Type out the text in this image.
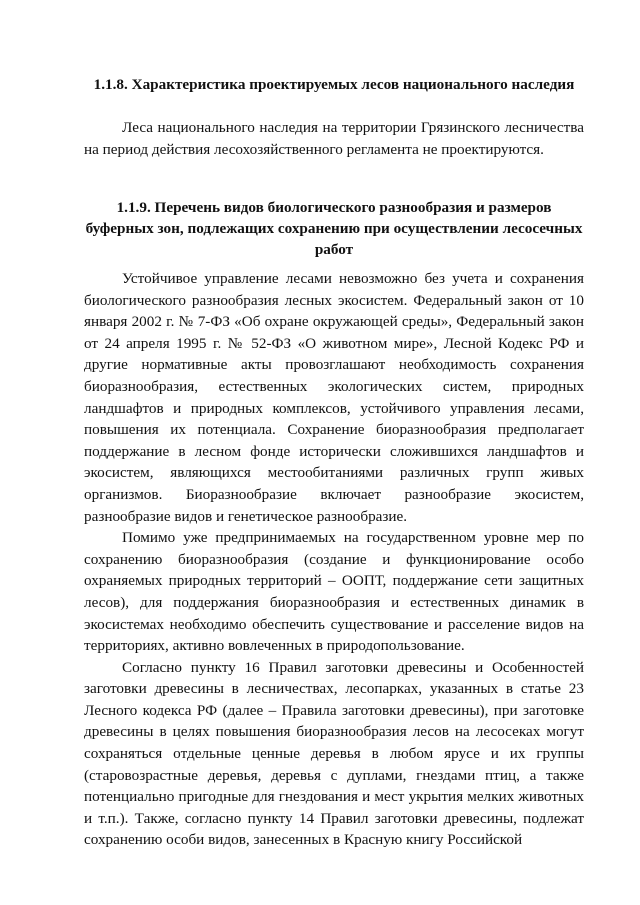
1.1.8. Характеристика проектируемых лесов национального наследия

Леса национального наследия на территории Грязинского лесничества на период действия лесохозяйственного регламента не проектируются.

1.1.9. Перечень видов биологического разнообразия и размеров буферных зон, подлежащих сохранению при осуществлении лесосечных работ

Устойчивое управление лесами невозможно без учета и сохранения биологического разнообразия лесных экосистем. Федеральный закон от 10 января 2002 г. № 7-ФЗ «Об охране окружающей среды», Федеральный закон от 24 апреля 1995 г. № 52-ФЗ «О животном мире», Лесной Кодекс РФ и другие нормативные акты провозглашают необходимость сохранения биоразнообразия, естественных экологических систем, природных ландшафтов и природных комплексов, устойчивого управления лесами, повышения их потенциала. Сохранение биоразнообразия предполагает поддержание в лесном фонде исторически сложившихся ландшафтов и экосистем, являющихся местообитаниями различных групп живых организмов. Биоразнообразие включает разнообразие экосистем, разнообразие видов и генетическое разнообразие.

Помимо уже предпринимаемых на государственном уровне мер по сохранению биоразнообразия (создание и функционирование особо охраняемых природных территорий – ООПТ, поддержание сети защитных лесов), для поддержания биоразнообразия и естественных динамик в экосистемах необходимо обеспечить существование и расселение видов на территориях, активно вовлеченных в природопользование.

Согласно пункту 16 Правил заготовки древесины и Особенностей заготовки древесины в лесничествах, лесопарках, указанных в статье 23 Лесного кодекса РФ (далее – Правила заготовки древесины), при заготовке древесины в целях повышения биоразнообразия лесов на лесосеках могут сохраняться отдельные ценные деревья в любом ярусе и их группы (старовозрастные деревья, деревья с дуплами, гнездами птиц, а также потенциально пригодные для гнездования и мест укрытия мелких животных и т.п.). Также, согласно пункту 14 Правил заготовки древесины, подлежат сохранению особи видов, занесенных в Красную книгу Российской
